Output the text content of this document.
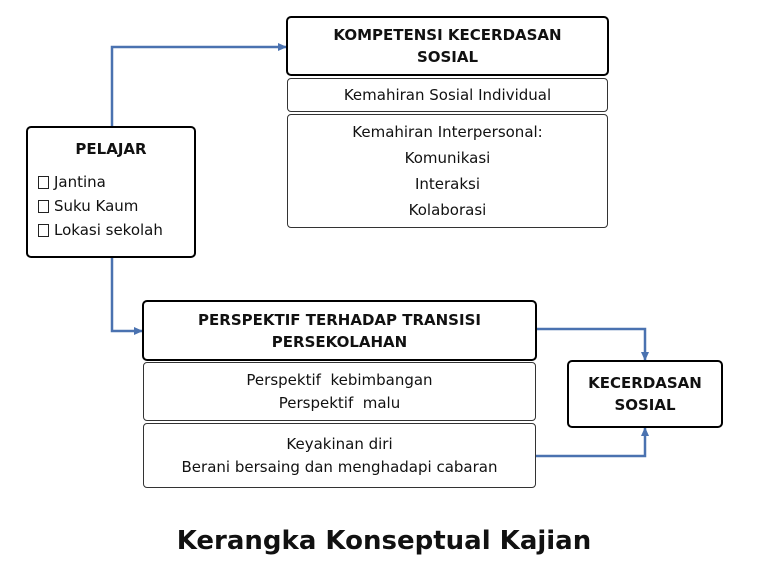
PELAJAR
Jantina
Suku Kaum
Lokasi sekolah
KOMPETENSI KECERDASAN
SOSIAL
Kemahiran Sosial Individual
Kemahiran Interpersonal:
Komunikasi
Interaksi
Kolaborasi
PERSPEKTIF TERHADAP TRANSISI
PERSEKOLAHAN
Perspektif  kebimbangan
Perspektif  malu
Keyakinan diri
Berani bersaing dan menghadapi cabaran
KECERDASAN
SOSIAL
Kerangka Konseptual Kajian
